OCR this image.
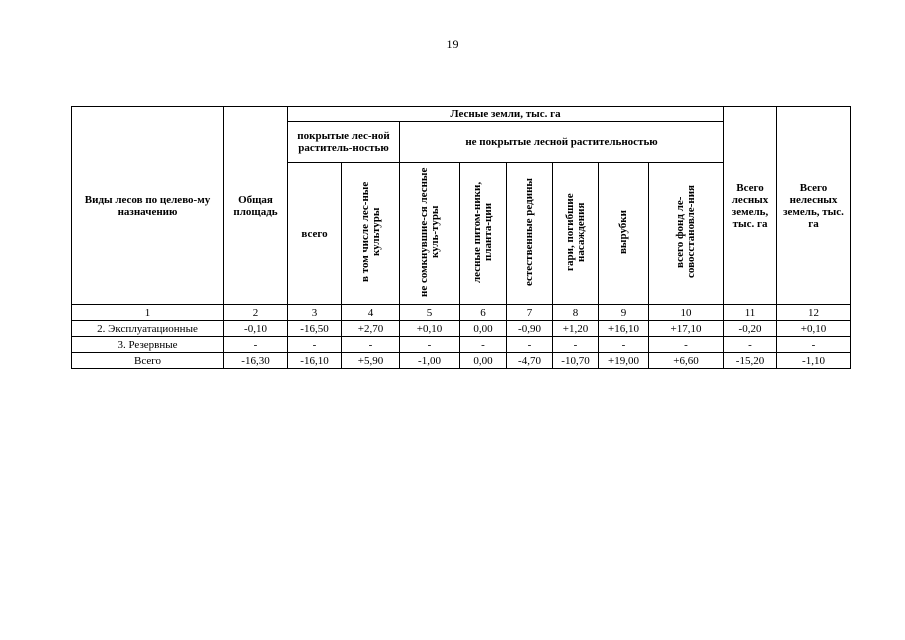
19
Виды лесов по целево-му назначению	Общая площадь	Лесные земли, тыс. га								Всего лесных земель, тыс. га	Всего нелесных земель, тыс. га
		покрытые лес-ной раститель-ностью		не покрытые лесной растительностью							
		всего	в том числе лес-ные культуры	не сомкнувшие-ся лесные куль-туры	лесные питом-ники, планта-ции	естественные редины	гари, погибшие насаждения	вырубки	всего фонд ле-совосстановле-ния		
1	2	3	4	5	6	7	8	9	10	11	12
2. Эксплуатационные	-0,10	-16,50	+2,70	+0,10	0,00	-0,90	+1,20	+16,10	+17,10	-0,20	+0,10
3. Резервные	-	-	-	-	-	-	-	-	-	-	-
Всего	-16,30	-16,10	+5,90	-1,00	0,00	-4,70	-10,70	+19,00	+6,60	-15,20	-1,10
